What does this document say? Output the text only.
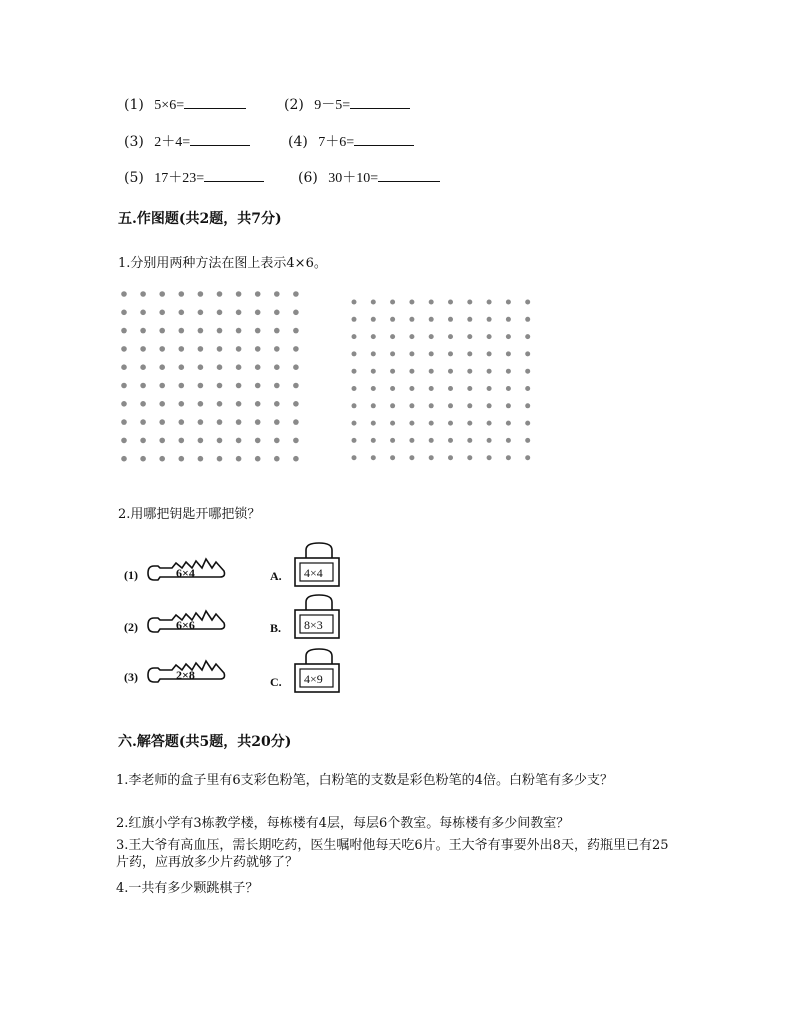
(1) 5×6=	(2) 9－5=
(3) 2＋4=	(4) 7＋6=
(5) 17＋23=	(6) 30＋10=
五.作图题(共2题，共7分)
1.分别用两种方法在图上表示4×6。
2.用哪把钥匙开哪把锁？
(1)	6×4
(2)	6×6
(3)	2×8
A. 4×4
B. 8×3
C. 4×9
六.解答题(共5题，共20分)
1.李老师的盒子里有6支彩色粉笔，白粉笔的支数是彩色粉笔的4倍。白粉笔有多少支？
2.红旗小学有3栋教学楼，每栋楼有4层，每层6个教室。每栋楼有多少间教室？
3.王大爷有高血压，需长期吃药，医生嘱咐他每天吃6片。王大爷有事要外出8天，药瓶里已有25片药，应再放多少片药就够了？
4.一共有多少颗跳棋子？
